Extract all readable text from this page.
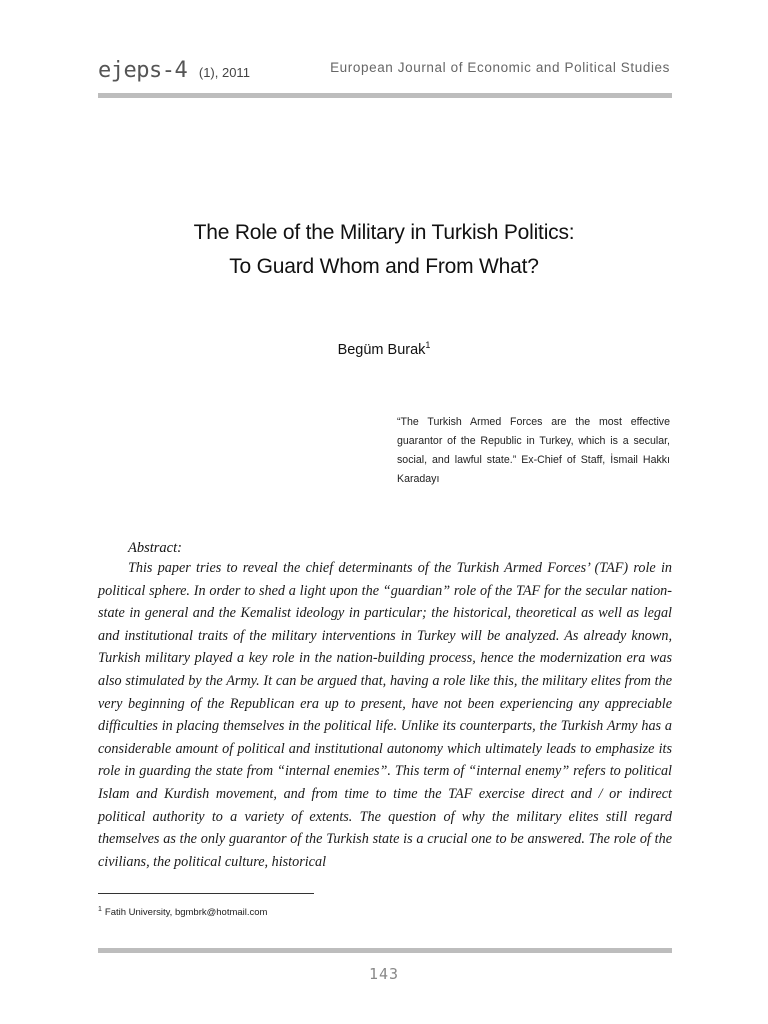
ejeps-4 (1), 2011	European Journal of Economic and Political Studies
The Role of the Military in Turkish Politics:
To Guard Whom and From What?
Begüm Burak$^1$
“The Turkish Armed Forces are the most effective guarantor of the Republic in Turkey, which is a secular, social, and lawful state.” Ex-Chief of Staff, İsmail Hakkı Karadayı
Abstract:

This paper tries to reveal the chief determinants of the Turkish Armed Forces’ (TAF) role in political sphere. In order to shed a light upon the “guardian” role of the TAF for the secular nation-state in general and the Kemalist ideology in particular; the historical, theoretical as well as legal and institutional traits of the military interventions in Turkey will be analyzed. As already known, Turkish military played a key role in the nation-building process, hence the modernization era was also stimulated by the Army. It can be argued that, having a role like this, the military elites from the very beginning of the Republican era up to present, have not been experiencing any appreciable difficulties in placing themselves in the political life. Unlike its counterparts, the Turkish Army has a considerable amount of political and institutional autonomy which ultimately leads to emphasize its role in guarding the state from “internal enemies”. This term of “internal enemy” refers to political Islam and Kurdish movement, and from time to time the TAF exercise direct and / or indirect political authority to a variety of extents. The question of why the military elites still regard themselves as the only guarantor of the Turkish state is a crucial one to be answered. The role of the civilians, the political culture, historical

$^1$ Fatih University, bgmbrk@hotmail.com
143
